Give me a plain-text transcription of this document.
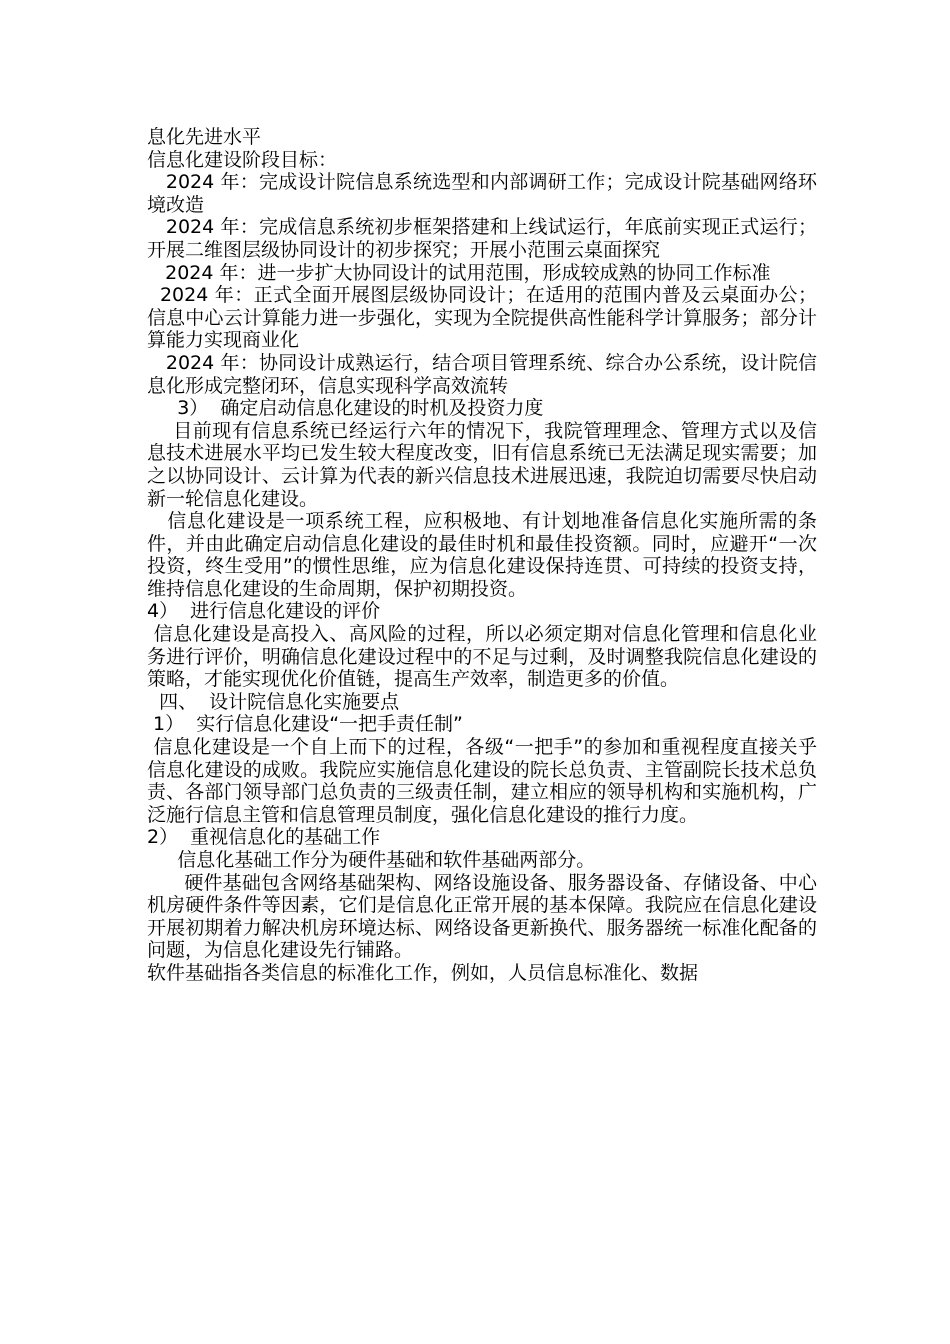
息化先进水平

信息化建设阶段目标：

2024 年：完成设计院信息系统选型和内部调研工作；完成设计院基础网络环境改造

2024 年：完成信息系统初步框架搭建和上线试运行，年底前实现正式运行；开展二维图层级协同设计的初步探究；开展小范围云桌面探究

2024 年：进一步扩大协同设计的试用范围，形成较成熟的协同工作标准

2024 年：正式全面开展图层级协同设计；在适用的范围内普及云桌面办公；信息中心云计算能力进一步强化，实现为全院提供高性能科学计算服务；部分计算能力实现商业化

2024 年：协同设计成熟运行，结合项目管理系统、综合办公系统，设计院信息化形成完整闭环，信息实现科学高效流转

3）  确定启动信息化建设的时机及投资力度

目前现有信息系统已经运行六年的情况下，我院管理理念、管理方式以及信息技术进展水平均已发生较大程度改变，旧有信息系统已无法满足现实需要；加之以协同设计、云计算为代表的新兴信息技术进展迅速，我院迫切需要尽快启动新一轮信息化建设。

信息化建设是一项系统工程，应积极地、有计划地准备信息化实施所需的条件，并由此确定启动信息化建设的最佳时机和最佳投资额。同时，应避开“一次投资，终生受用”的惯性思维，应为信息化建设保持连贯、可持续的投资支持，维持信息化建设的生命周期，保护初期投资。

4）  进行信息化建设的评价

信息化建设是高投入、高风险的过程，所以必须定期对信息化管理和信息化业务进行评价，明确信息化建设过程中的不足与过剩，及时调整我院信息化建设的策略，才能实现优化价值链，提高生产效率，制造更多的价值。

四、  设计院信息化实施要点

1）  实行信息化建设“一把手责任制”

信息化建设是一个自上而下的过程，各级“一把手”的参加和重视程度直接关乎信息化建设的成败。我院应实施信息化建设的院长总负责、主管副院长技术总负责、各部门领导部门总负责的三级责任制，建立相应的领导机构和实施机构，广泛施行信息主管和信息管理员制度，强化信息化建设的推行力度。

2）  重视信息化的基础工作

信息化基础工作分为硬件基础和软件基础两部分。

硬件基础包含网络基础架构、网络设施设备、服务器设备、存储设备、中心机房硬件条件等因素，它们是信息化正常开展的基本保障。我院应在信息化建设开展初期着力解决机房环境达标、网络设备更新换代、服务器统一标准化配备的问题，为信息化建设先行铺路。

软件基础指各类信息的标准化工作，例如，人员信息标准化、数据
